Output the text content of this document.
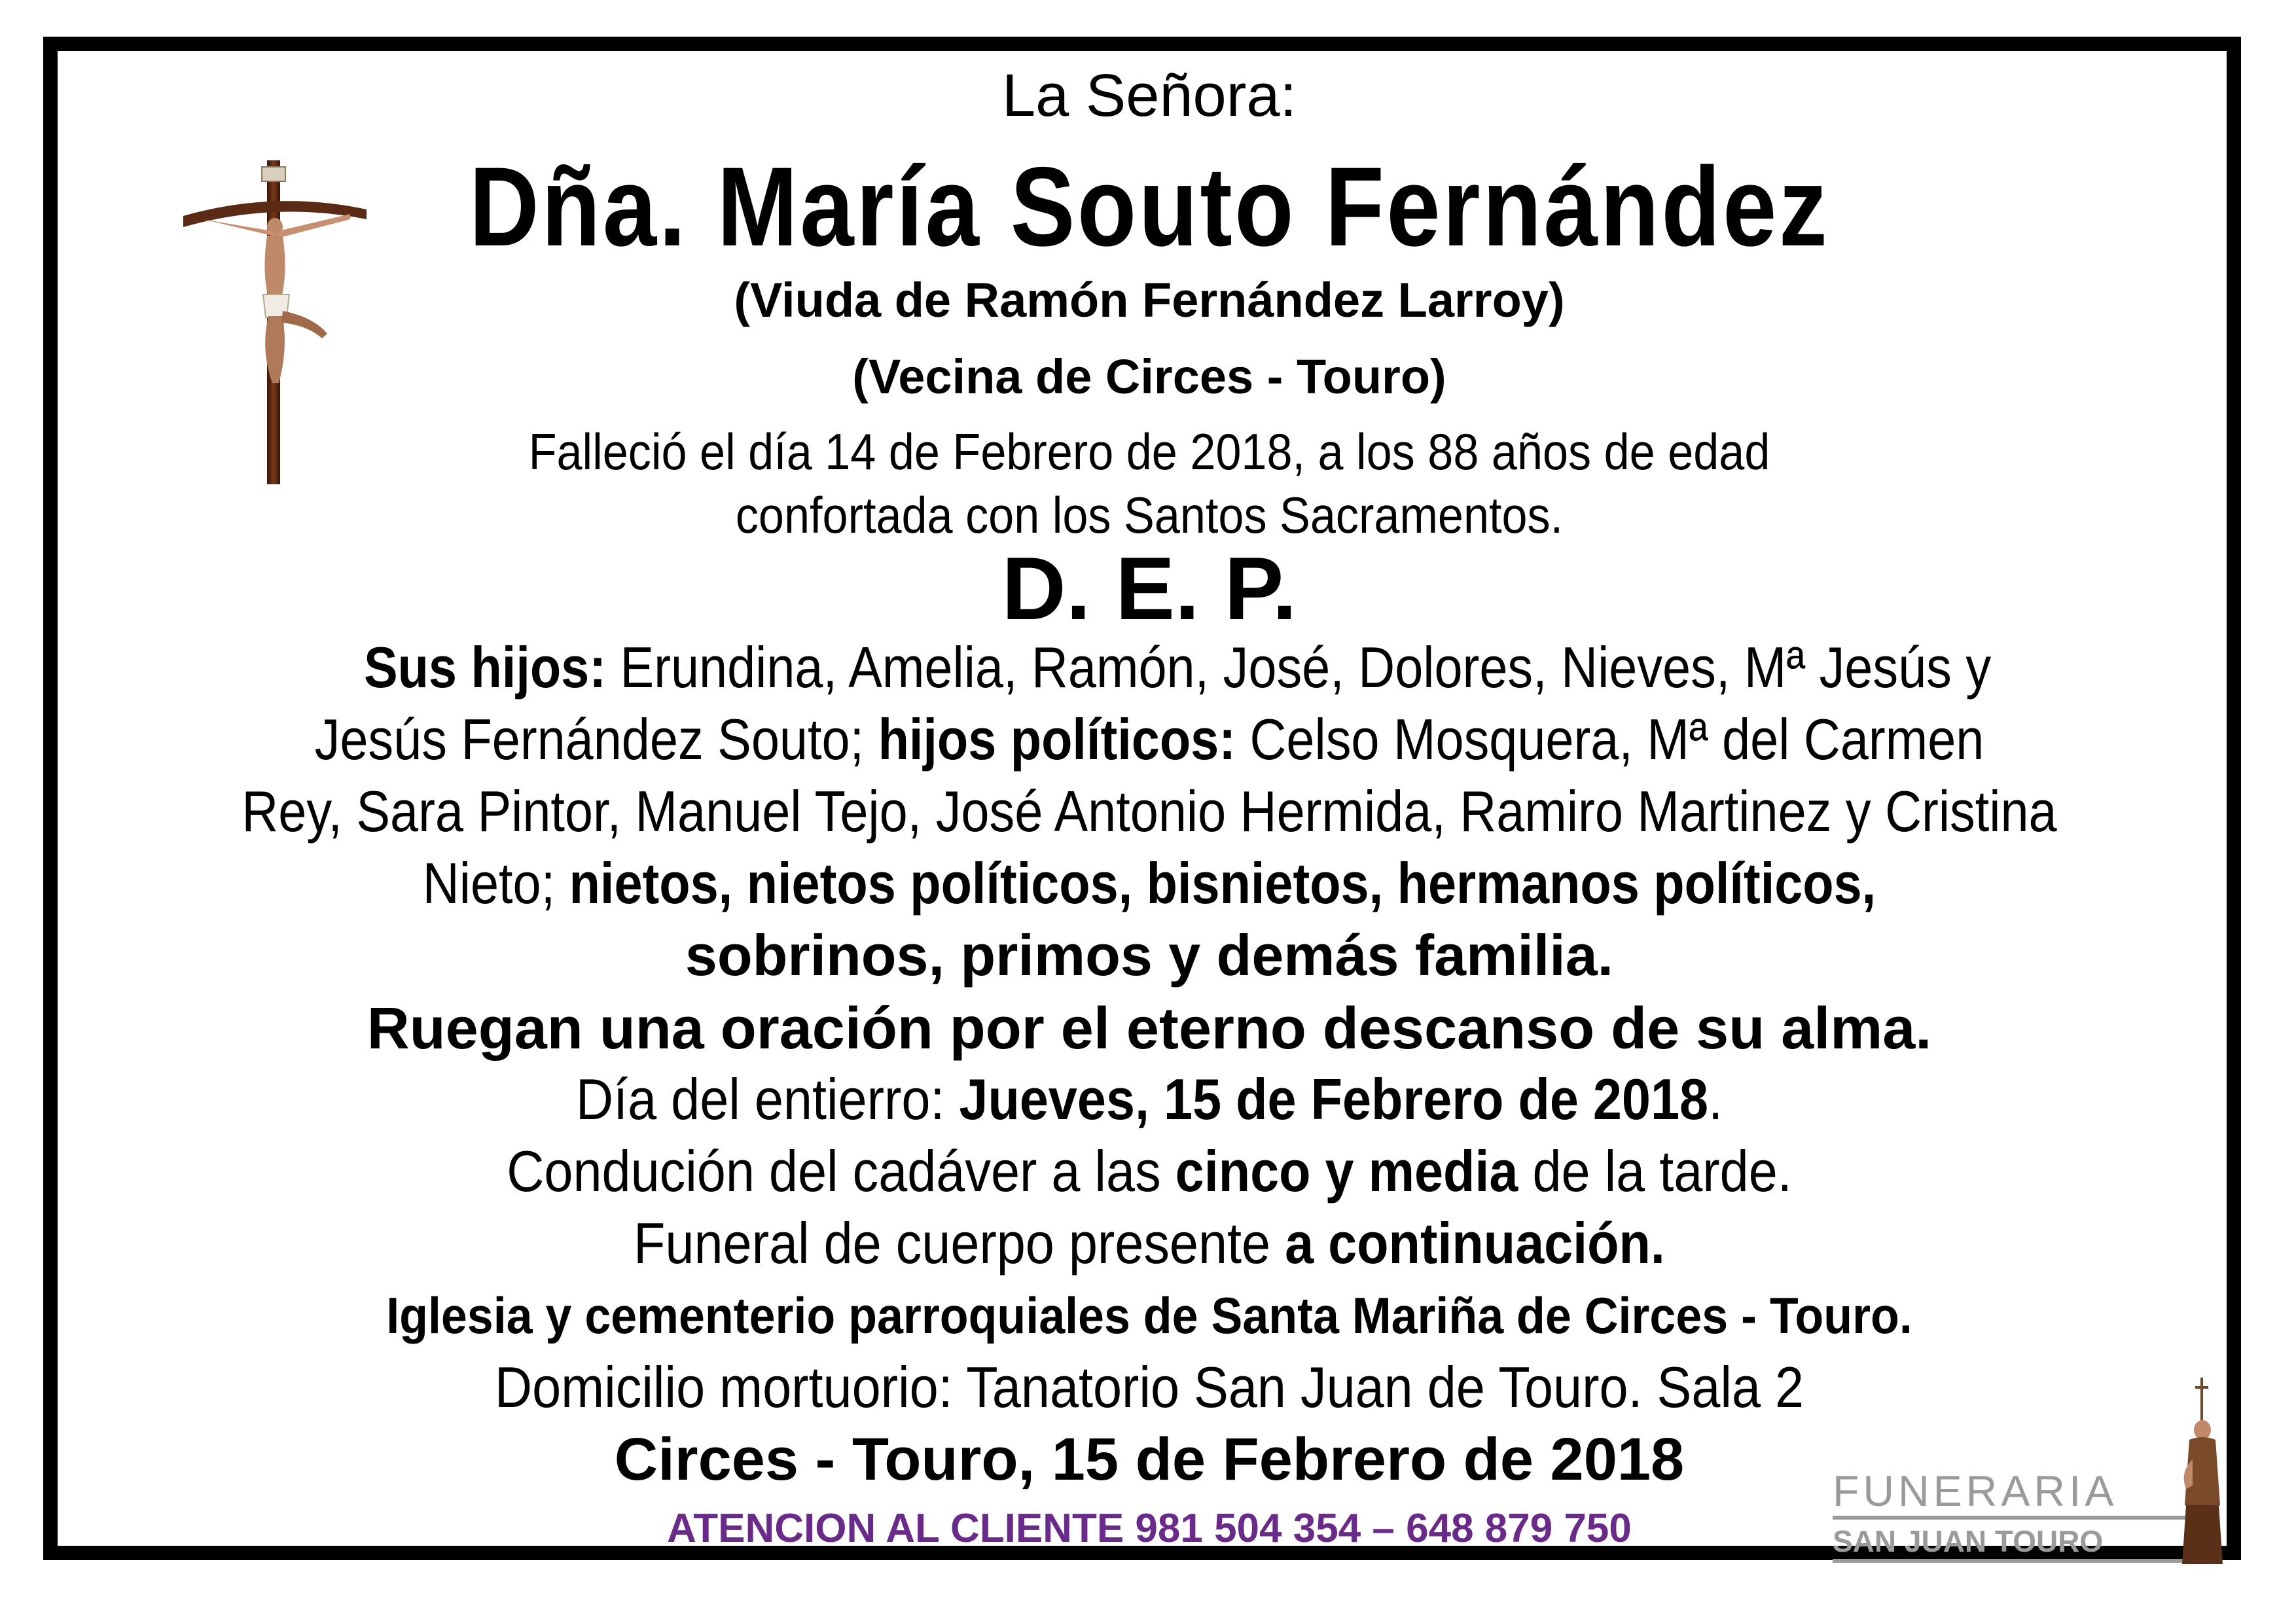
La Señora:
Dña. María Souto Fernández
(Viuda de Ramón Fernández Larroy)
(Vecina de Circes - Touro)
Falleció el día 14 de Febrero de 2018, a los 88 años de edad
confortada con los Santos Sacramentos.
D. E. P.
Sus hijos: Erundina, Amelia, Ramón, José, Dolores, Nieves, Mª Jesús y
Jesús Fernández Souto; hijos políticos: Celso Mosquera, Mª del Carmen
Rey, Sara Pintor, Manuel Tejo, José Antonio Hermida, Ramiro Martinez y Cristina
Nieto; nietos, nietos políticos, bisnietos, hermanos políticos,
sobrinos, primos y demás familia.
Ruegan una oración por el eterno descanso de su alma.
Día del entierro: Jueves, 15 de Febrero de 2018.
Condución del cadáver a las cinco y media de la tarde.
Funeral de cuerpo presente a continuación.
Iglesia y cementerio parroquiales de Santa Mariña de Circes - Touro.
Domicilio mortuorio: Tanatorio San Juan de Touro. Sala 2
Circes - Touro, 15 de Febrero de 2018
ATENCION AL CLIENTE 981 504 354 – 648 879 750
FUNERARIA
SAN JUAN TOURO
